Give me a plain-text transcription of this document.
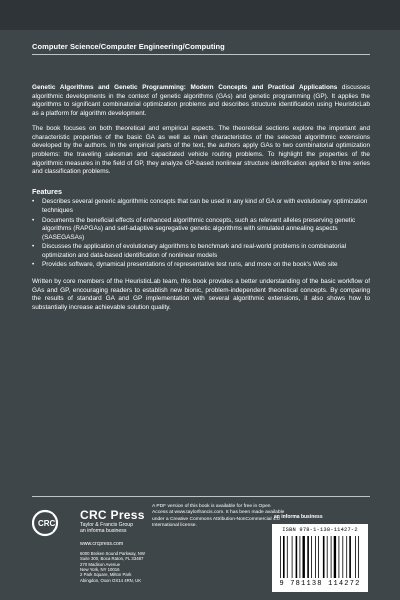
Computer Science/Computer Engineering/Computing

Genetic Algorithms and Genetic Programming: Modern Concepts and Practical Applications discusses algorithmic developments in the context of genetic algorithms (GAs) and genetic programming (GP). It applies the algorithms to significant combinatorial optimization problems and describes structure identification using HeuristicLab as a platform for algorithm development.

The book focuses on both theoretical and empirical aspects. The theoretical sections explore the important and characteristic properties of the basic GA as well as main characteristics of the selected algorithmic extensions developed by the authors. In the empirical parts of the text, the authors apply GAs to two combinatorial optimization problems: the traveling salesman and capacitated vehicle routing problems. To highlight the properties of the algorithmic measures in the field of GP, they analyze GP-based nonlinear structure identification applied to time series and classification problems.

Features
• Describes several generic algorithmic concepts that can be used in any kind of GA or with evolutionary optimization techniques
• Documents the beneficial effects of enhanced algorithmic concepts, such as relevant alleles preserving genetic algorithms (RAPGAs) and self-adaptive segregative genetic algorithms with simulated annealing aspects (SASEGASAs)
• Discusses the application of evolutionary algorithms to benchmark and real-world problems in combinatorial optimization and data-based identification of nonlinear models
• Provides software, dynamical presentations of representative test runs, and more on the book's Web site

Written by core members of the HeuristicLab team, this book provides a better understanding of the basic workflow of GAs and GP, encouraging readers to establish new bionic, problem-independent theoretical concepts. By comparing the results of standard GA and GP implementation with several algorithmic extensions, it also shows how to substantially increase achievable solution quality.

CRC
CRC Press
Taylor & Francis Group
an informa business
www.crcpress.com
6000 Broken Sound Parkway, NW
Suite 300, Boca Raton, FL 33487
270 Madison Avenue
New York, NY 10016
2 Park Square, Milton Park
Abingdon, Oxon OX14 4RN, UK
A PDF version of this book is available for free in Open Access at www.taylorfrancis.com. It has been made available under a Creative Commons Attribution-NonCommercial 4.0 International license.
an informa business
ISBN 978-1-138-11427-2
9 781138 114272
